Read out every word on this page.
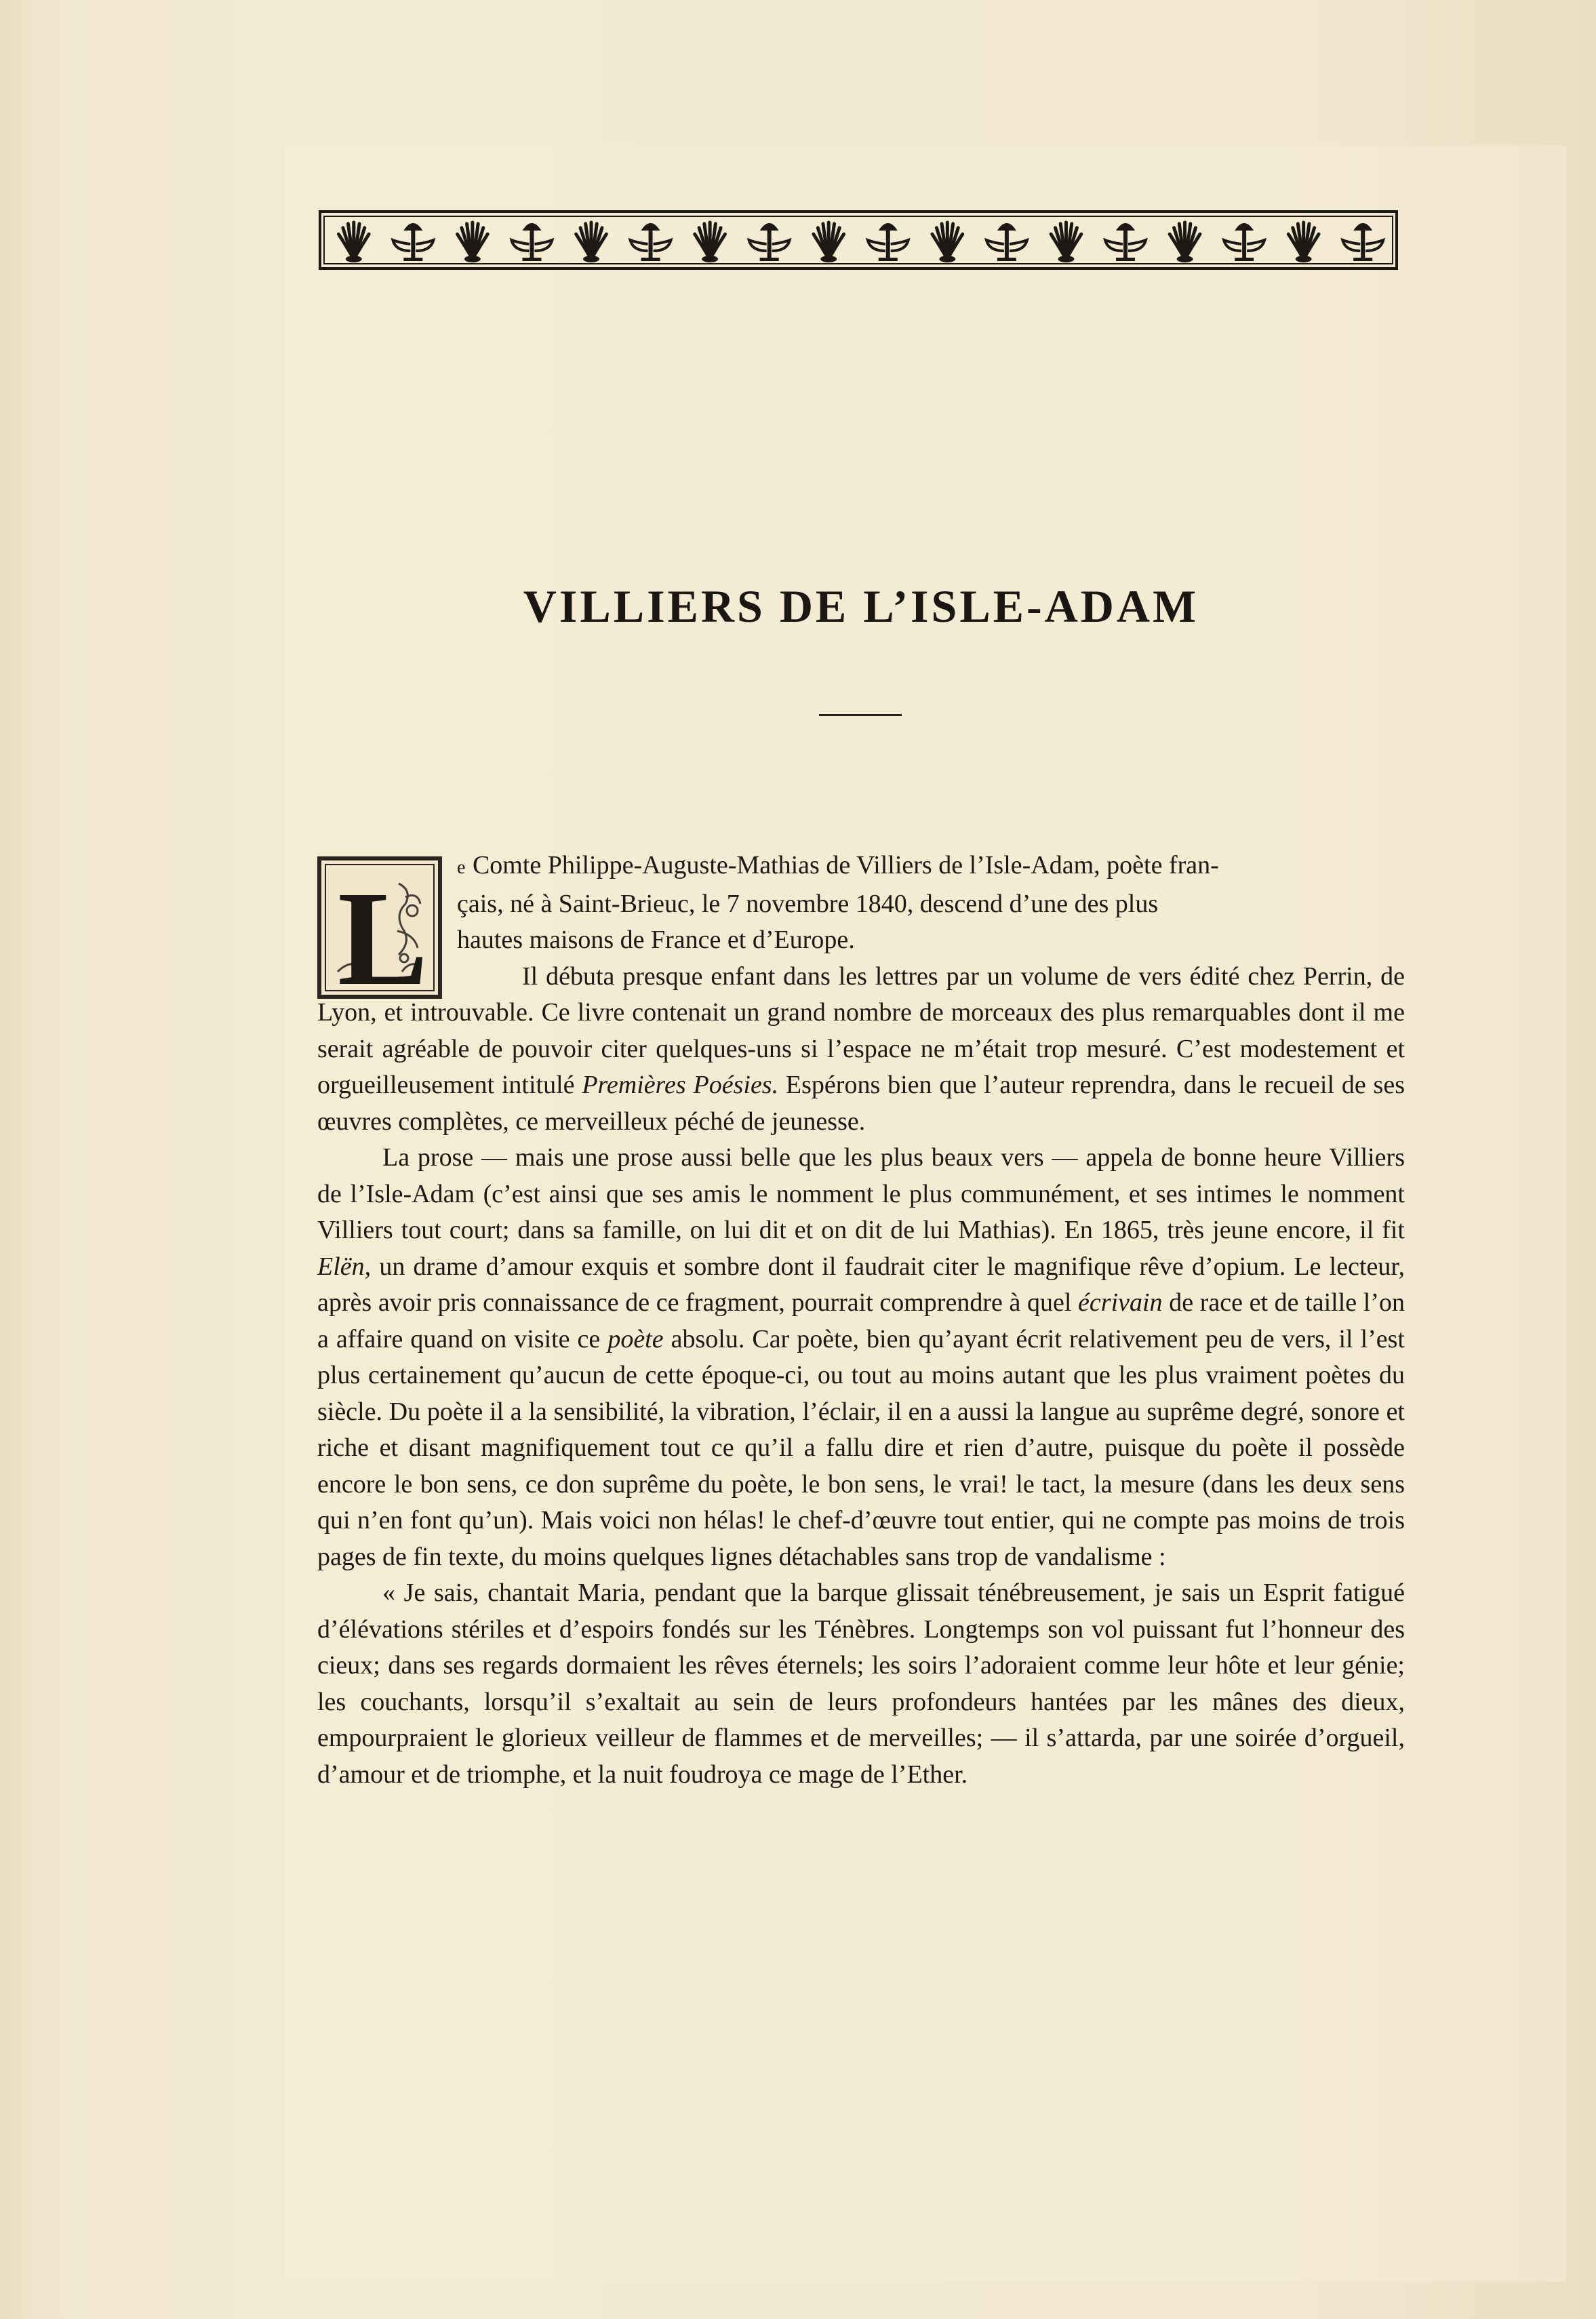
VILLIERS DE L’ISLE-ADAM
L	e Comte Philippe-Auguste-Mathias de Villiers de l’Isle-Adam, poète fran-
çais, né à Saint-Brieuc, le 7 novembre 1840, descend d’une des plus
hautes maisons de France et d’Europe.

Il débuta presque enfant dans les lettres par un volume de vers édité chez Perrin, de Lyon, et introuvable. Ce livre contenait un grand nombre de morceaux des plus remarquables dont il me serait agréable de pouvoir citer quelques-uns si l’espace ne m’était trop mesuré. C’est modestement et orgueilleusement intitulé Premières Poésies. Espérons bien que l’auteur reprendra, dans le recueil de ses œuvres complètes, ce merveilleux péché de jeunesse.

La prose — mais une prose aussi belle que les plus beaux vers — appela de bonne heure Villiers de l’Isle-Adam (c’est ainsi que ses amis le nomment le plus communément, et ses intimes le nomment Villiers tout court; dans sa famille, on lui dit et on dit de lui Mathias). En 1865, très jeune encore, il fit Elën, un drame d’amour exquis et sombre dont il faudrait citer le magnifique rêve d’opium. Le lecteur, après avoir pris connaissance de ce fragment, pourrait comprendre à quel écrivain de race et de taille l’on a affaire quand on visite ce poète absolu. Car poète, bien qu’ayant écrit relativement peu de vers, il l’est plus certainement qu’aucun de cette époque-ci, ou tout au moins autant que les plus vraiment poètes du siècle. Du poète il a la sensibilité, la vibration, l’éclair, il en a aussi la langue au suprême degré, sonore et riche et disant magnifiquement tout ce qu’il a fallu dire et rien d’autre, puisque du poète il possède encore le bon sens, ce don suprême du poète, le bon sens, le vrai! le tact, la mesure (dans les deux sens qui n’en font qu’un). Mais voici non hélas! le chef-d’œuvre tout entier, qui ne compte pas moins de trois pages de fin texte, du moins quelques lignes détachables sans trop de vandalisme :

« Je sais, chantait Maria, pendant que la barque glissait ténébreusement, je sais un Esprit fatigué d’élévations stériles et d’espoirs fondés sur les Ténèbres. Longtemps son vol puissant fut l’honneur des cieux; dans ses regards dormaient les rêves éternels; les soirs l’adoraient comme leur hôte et leur génie; les couchants, lorsqu’il s’exaltait au sein de leurs profondeurs hantées par les mânes des dieux, empourpraient le glorieux veilleur de flammes et de merveilles; — il s’attarda, par une soirée d’orgueil, d’amour et de triomphe, et la nuit foudroya ce mage de l’Ether.
